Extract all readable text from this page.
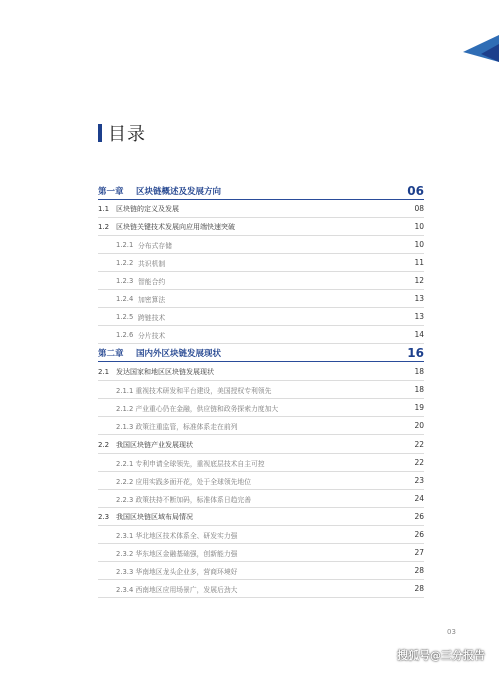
目录
第一章	区块链概述及发展方向	06
1.1 区块链的定义及发展	08
1.2 区块链关键技术发展向应用端快速突破	10
1.2.1 分布式存储	10
1.2.2 共识机制	11
1.2.3 智能合约	12
1.2.4 加密算法	13
1.2.5 跨链技术	13
1.2.6 分片技术	14
第二章	国内外区块链发展现状	16
2.1 发达国家和地区区块链发展现状	18
2.1.1 重视技术研发和平台建设，美国授权专利领先	18
2.1.2 产业重心仍在金融，供应链和政务探索力度加大	19
2.1.3 政策注重监管，标准体系走在前列	20
2.2 我国区块链产业发展现状	22
2.2.1 专利申请全球领先，重视底层技术自主可控	22
2.2.2 应用实践多面开花，处于全球领先地位	23
2.2.3 政策扶持不断加码，标准体系日趋完善	24
2.3 我国区块链区域布局情况	26
2.3.1 华北地区技术体系全、研发实力强	26
2.3.2 华东地区金融基础强，创新能力强	27
2.3.3 华南地区龙头企业多，营商环境好	28
2.3.4 西南地区应用场景广，发展后劲大	28
03
搜狐号@三分报告
